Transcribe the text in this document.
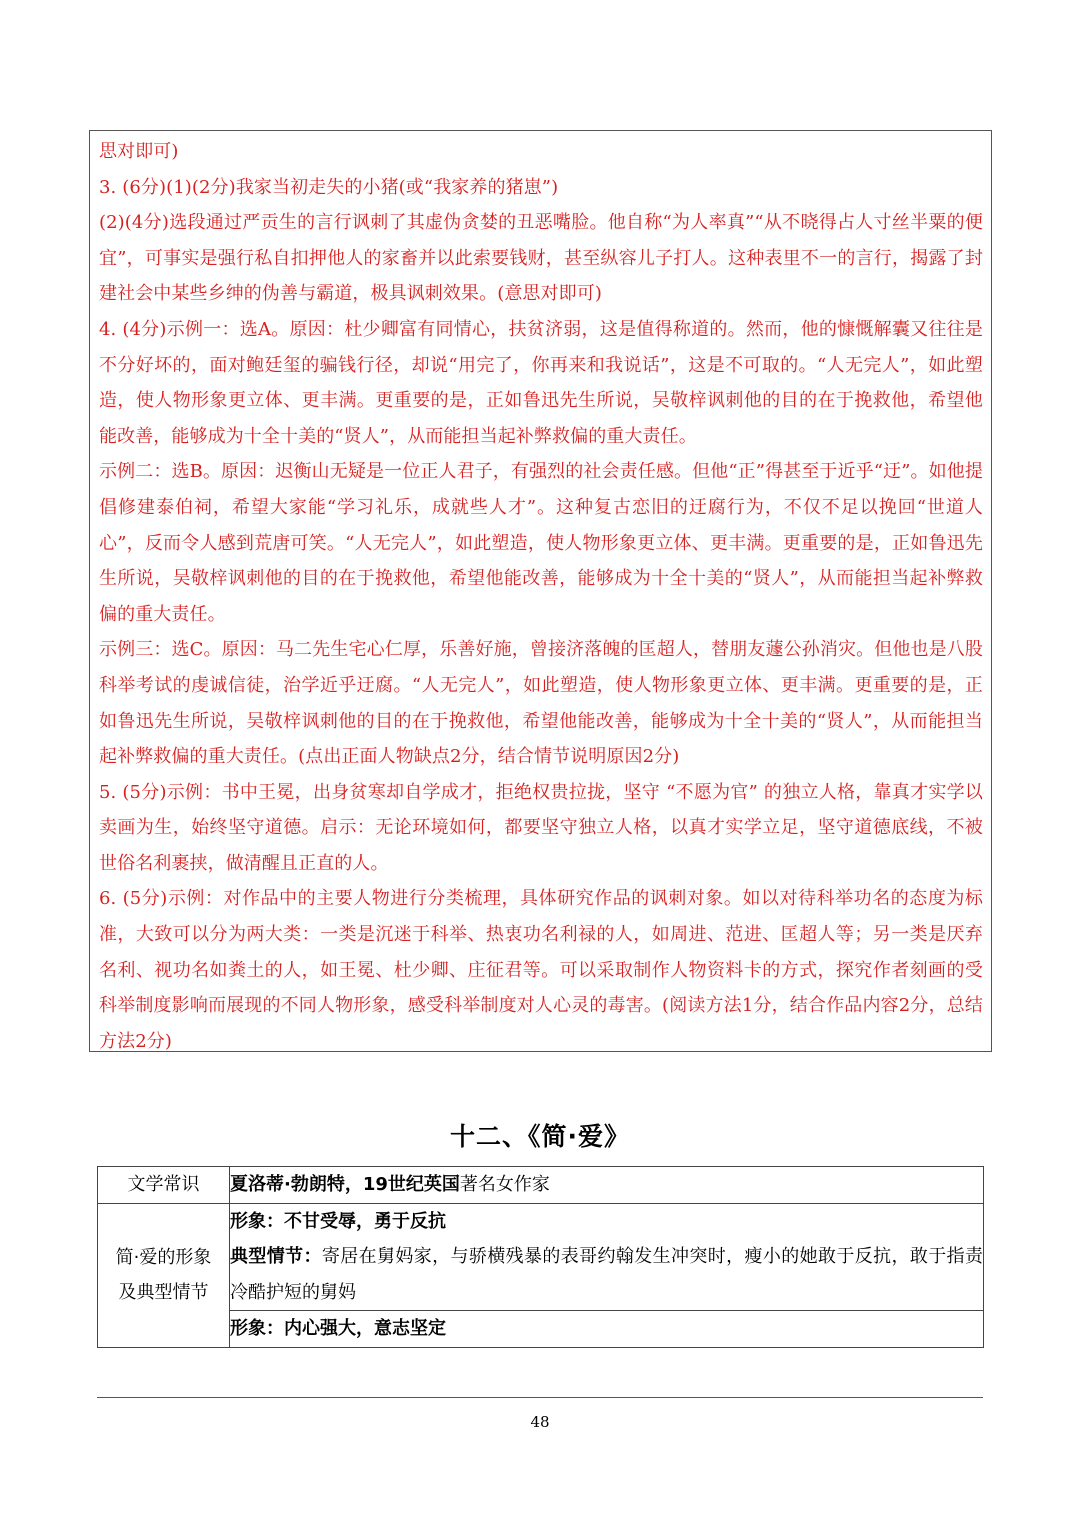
思对即可)

3. (6分)(1)(2分)我家当初走失的小猪(或“我家养的猪崽”)

(2)(4分)选段通过严贡生的言行讽刺了其虚伪贪婪的丑恶嘴脸。他自称“为人率真”“从不晓得占人寸丝半粟的便宜”，可事实是强行私自扣押他人的家畜并以此索要钱财，甚至纵容儿子打人。这种表里不一的言行，揭露了封建社会中某些乡绅的伪善与霸道，极具讽刺效果。(意思对即可)

4. (4分)示例一：选A。原因：杜少卿富有同情心，扶贫济弱，这是值得称道的。然而，他的慷慨解囊又往往是不分好坏的，面对鲍廷玺的骗钱行径，却说“用完了，你再来和我说话”，这是不可取的。“人无完人”，如此塑造，使人物形象更立体、更丰满。更重要的是，正如鲁迅先生所说，吴敬梓讽刺他的目的在于挽救他，希望他能改善，能够成为十全十美的“贤人”，从而能担当起补弊救偏的重大责任。

示例二：选B。原因：迟衡山无疑是一位正人君子，有强烈的社会责任感。但他“正”得甚至于近乎“迂”。如他提倡修建泰伯祠，希望大家能“学习礼乐，成就些人才”。这种复古恋旧的迂腐行为，不仅不足以挽回“世道人心”，反而令人感到荒唐可笑。“人无完人”，如此塑造，使人物形象更立体、更丰满。更重要的是，正如鲁迅先生所说，吴敬梓讽刺他的目的在于挽救他，希望他能改善，能够成为十全十美的“贤人”，从而能担当起补弊救偏的重大责任。

示例三：选C。原因：马二先生宅心仁厚，乐善好施，曾接济落魄的匡超人，替朋友蘧公孙消灾。但他也是八股科举考试的虔诚信徒，治学近乎迂腐。“人无完人”，如此塑造，使人物形象更立体、更丰满。更重要的是，正如鲁迅先生所说，吴敬梓讽刺他的目的在于挽救他，希望他能改善，能够成为十全十美的“贤人”，从而能担当起补弊救偏的重大责任。(点出正面人物缺点2分，结合情节说明原因2分)

5. (5分)示例：书中王冕，出身贫寒却自学成才，拒绝权贵拉拢，坚守 “不愿为官” 的独立人格，靠真才实学以卖画为生，始终坚守道德。启示：无论环境如何，都要坚守独立人格，以真才实学立足，坚守道德底线，不被世俗名利裹挟，做清醒且正直的人。

6. (5分)示例：对作品中的主要人物进行分类梳理，具体研究作品的讽刺对象。如以对待科举功名的态度为标准，大致可以分为两大类：一类是沉迷于科举、热衷功名利禄的人，如周进、范进、匡超人等；另一类是厌弃名利、视功名如粪土的人，如王冕、杜少卿、庄征君等。可以采取制作人物资料卡的方式，探究作者刻画的受科举制度影响而展现的不同人物形象，感受科举制度对人心灵的毒害。(阅读方法1分，结合作品内容2分，总结方法2分)

十二、《简·爱》
文学常识	夏洛蒂·勃朗特，19世纪英国著名女作家
简·爱的形象及典型情节	形象：不甘受辱，勇于反抗
	典型情节：寄居在舅妈家，与骄横残暴的表哥约翰发生冲突时，瘦小的她敢于反抗，敢于指责冷酷护短的舅妈
	形象：内心强大，意志坚定
48
